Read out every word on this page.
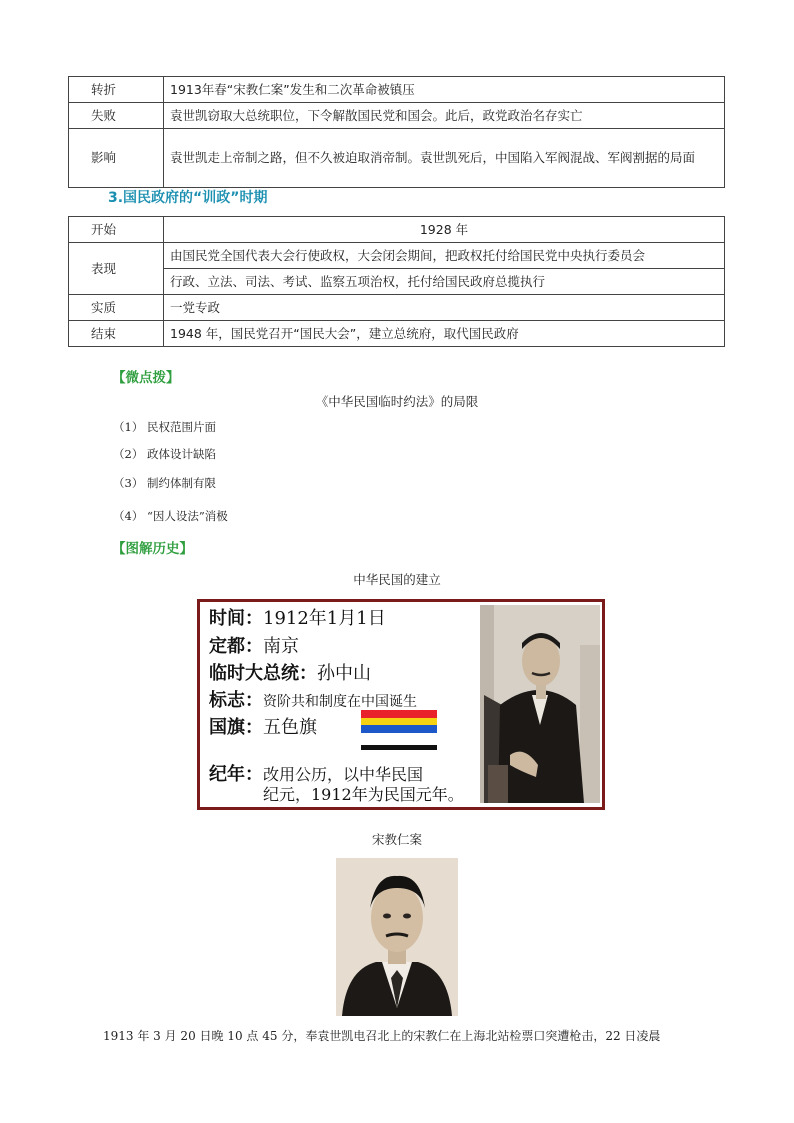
转折	1913年春“宋教仁案”发生和二次革命被镇压
失败	袁世凯窃取大总统职位，下令解散国民党和国会。此后，政党政治名存实亡
影响	袁世凯走上帝制之路，但不久被迫取消帝制。袁世凯死后，中国陷入军阀混战、军阀割据的局面

3.国民政府的“训政”时期

开始	1928 年
表现	由国民党全国代表大会行使政权，大会闭会期间，把政权托付给国民党中央执行委员会
	行政、立法、司法、考试、监察五项治权，托付给国民政府总揽执行
实质	一党专政
结束	1948 年，国民党召开“国民大会”，建立总统府，取代国民政府

【微点拨】

《中华民国临时约法》的局限

（1） 民权范围片面

（2） 政体设计缺陷

（3） 制约体制有限

（4） “因人设法”消极

【图解历史】

中华民国的建立

时间：1912年1月1日
定都：南京
临时大总统：孙中山
标志：资阶共和制度在中国诞生
国旗：五色旗
纪年：改用公历，以中华民国
纪元，1912年为民国元年。

宋教仁案

1913 年 3 月 20 日晚 10 点 45 分，奉袁世凯电召北上的宋教仁在上海北站检票口突遭枪击，22 日凌晨
